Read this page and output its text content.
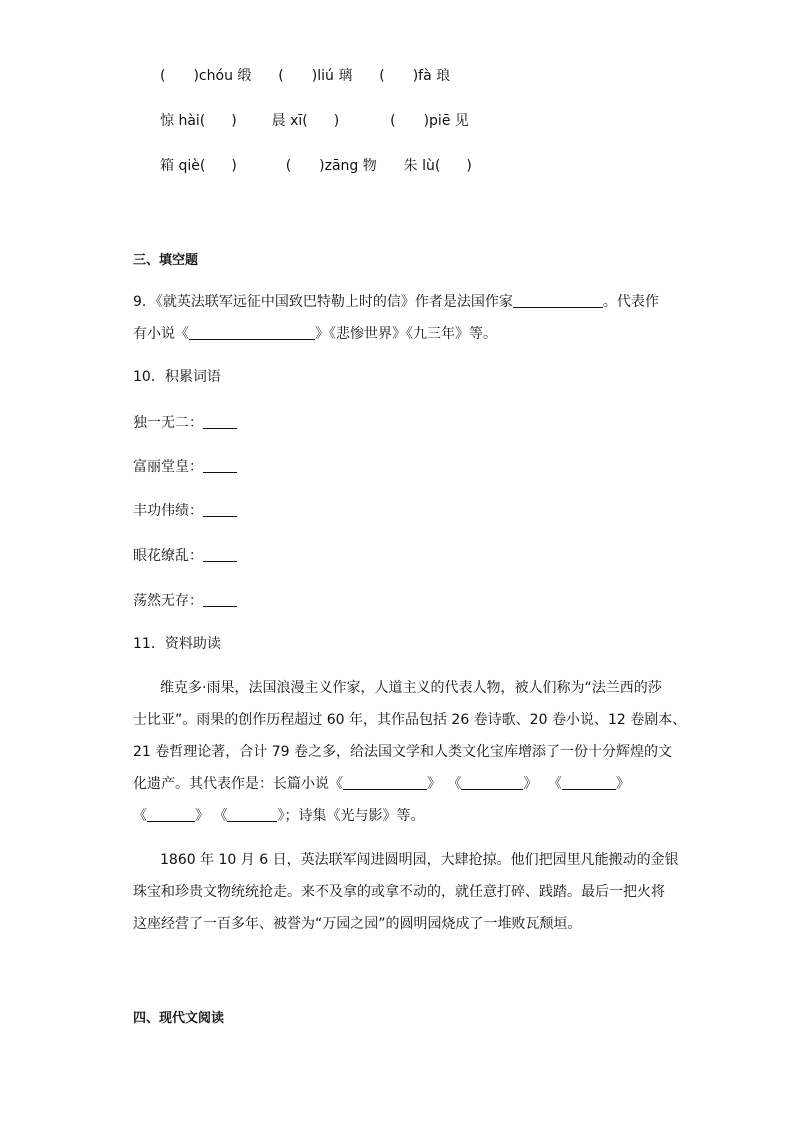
( )chóu 缎 ( )liú 璃 ( )fà 琅
惊 hài( ) 晨 xī( )	( )piē 见
箱 qiè( )	( )zāng 物 朱 lù( )
三、填空题
9．《就英法联军远征中国致巴特勒上时的信》作者是法国作家	。代表作
有小说《	》《悲惨世界》《九三年》等。
10．积累词语
独一无二：
富丽堂皇：
丰功伟绩：
眼花缭乱：
荡然无存：
11．资料助读
维克多·雨果，法国浪漫主义作家，人道主义的代表人物，被人们称为“法兰西的莎
士比亚”。雨果的创作历程超过 60 年，其作品包括 26 卷诗歌、20 卷小说、12 卷剧本、
21 卷哲理论著，合计 79 卷之多，给法国文学和人类文化宝库增添了一份十分辉煌的文
化遗产。其代表作是：长篇小说《	》 《	》 《	》
《	》 《	》；诗集《光与影》等。
1860 年 10 月 6 日，英法联军闯进圆明园，大肆抢掠。他们把园里凡能搬动的金银
珠宝和珍贵文物统统抢走。来不及拿的或拿不动的，就任意打碎、践踏。最后一把火将
这座经营了一百多年、被誉为“万园之园”的圆明园烧成了一堆败瓦颓垣。
四、现代文阅读
